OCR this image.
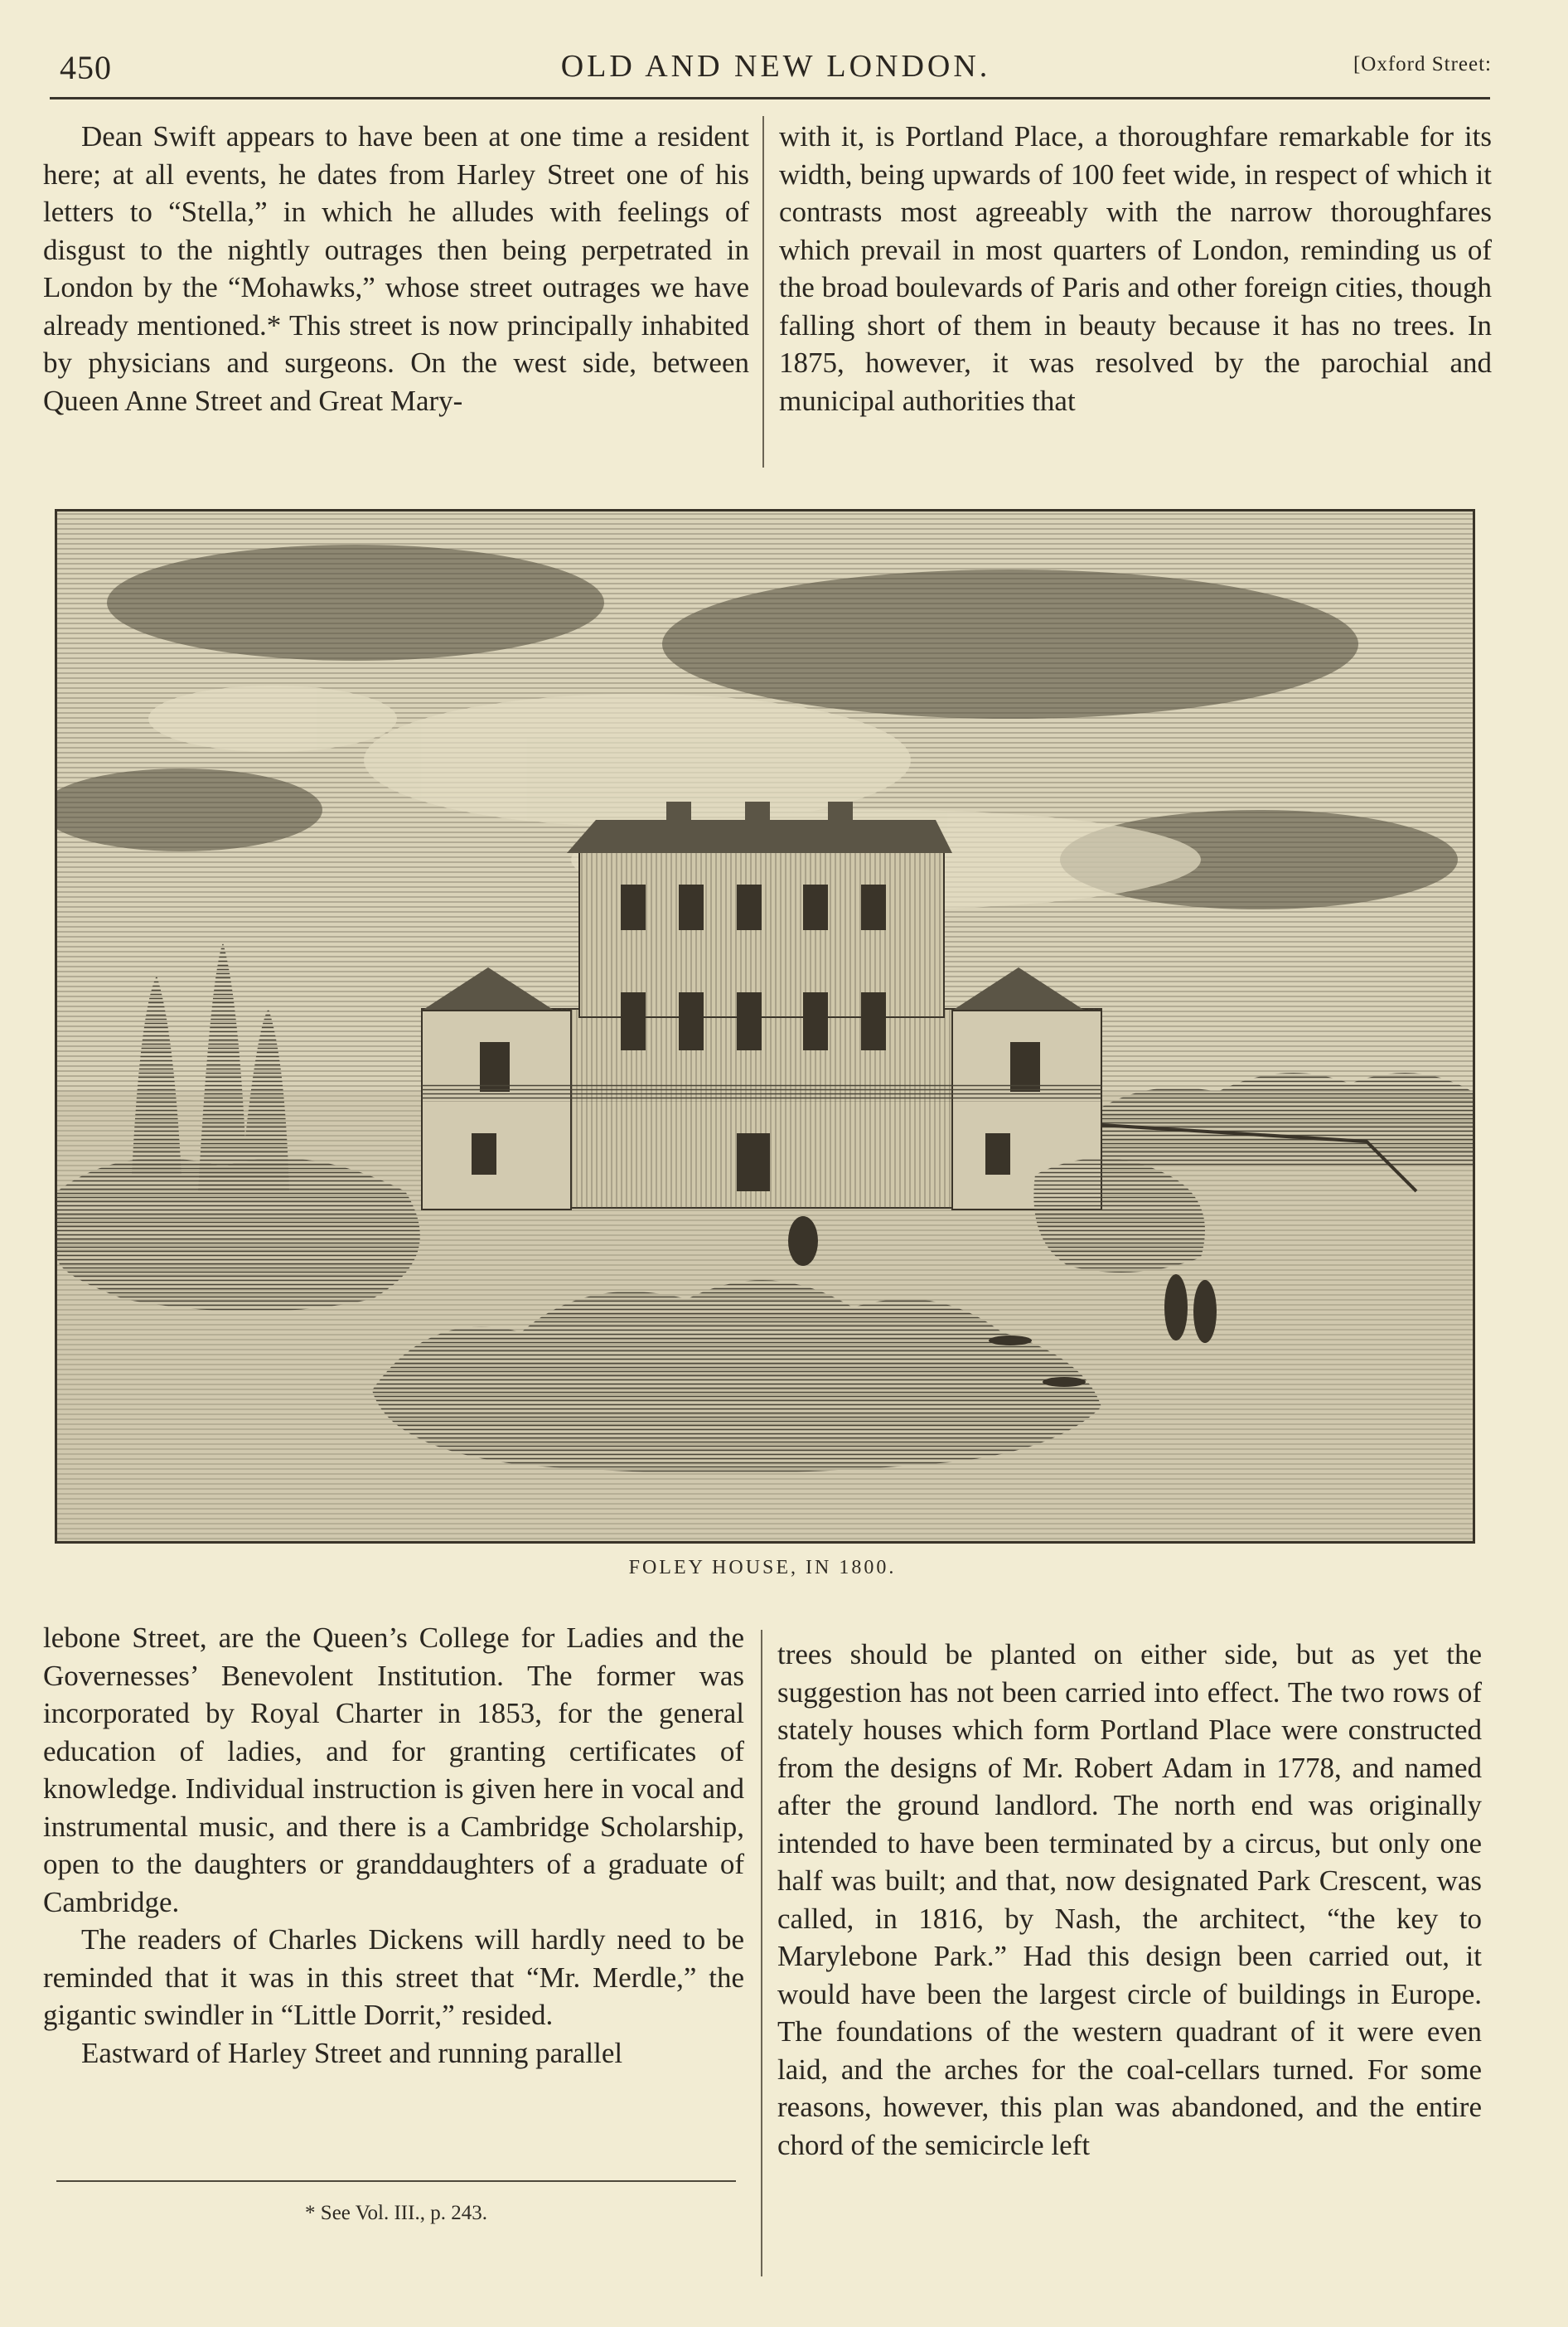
450	OLD AND NEW LONDON.	[Oxford Street:

Dean Swift appears to have been at one time a resident here; at all events, he dates from Harley Street one of his letters to “Stella,” in which he alludes with feelings of disgust to the nightly outrages then being perpetrated in London by the “Mohawks,” whose street outrages we have already mentioned.* This street is now principally inhabited by physicians and surgeons. On the west side, between Queen Anne Street and Great Mary-

with it, is Portland Place, a thoroughfare remarkable for its width, being upwards of 100 feet wide, in respect of which it contrasts most agreeably with the narrow thoroughfares which prevail in most quarters of London, reminding us of the broad boulevards of Paris and other foreign cities, though falling short of them in beauty because it has no trees. In 1875, however, it was resolved by the parochial and municipal authorities that

FOLEY HOUSE, IN 1800.

lebone Street, are the Queen’s College for Ladies and the Governesses’ Benevolent Institution. The former was incorporated by Royal Charter in 1853, for the general education of ladies, and for granting certificates of knowledge. Individual instruction is given here in vocal and instrumental music, and there is a Cambridge Scholarship, open to the daughters or granddaughters of a graduate of Cambridge.

The readers of Charles Dickens will hardly need to be reminded that it was in this street that “Mr. Merdle,” the gigantic swindler in “Little Dorrit,” resided.

Eastward of Harley Street and running parallel

trees should be planted on either side, but as yet the suggestion has not been carried into effect. The two rows of stately houses which form Portland Place were constructed from the designs of Mr. Robert Adam in 1778, and named after the ground landlord. The north end was originally intended to have been terminated by a circus, but only one half was built; and that, now designated Park Crescent, was called, in 1816, by Nash, the architect, “the key to Marylebone Park.” Had this design been carried out, it would have been the largest circle of buildings in Europe. The foundations of the western quadrant of it were even laid, and the arches for the coal-cellars turned. For some reasons, however, this plan was abandoned, and the entire chord of the semicircle left

* See Vol. III., p. 243.
